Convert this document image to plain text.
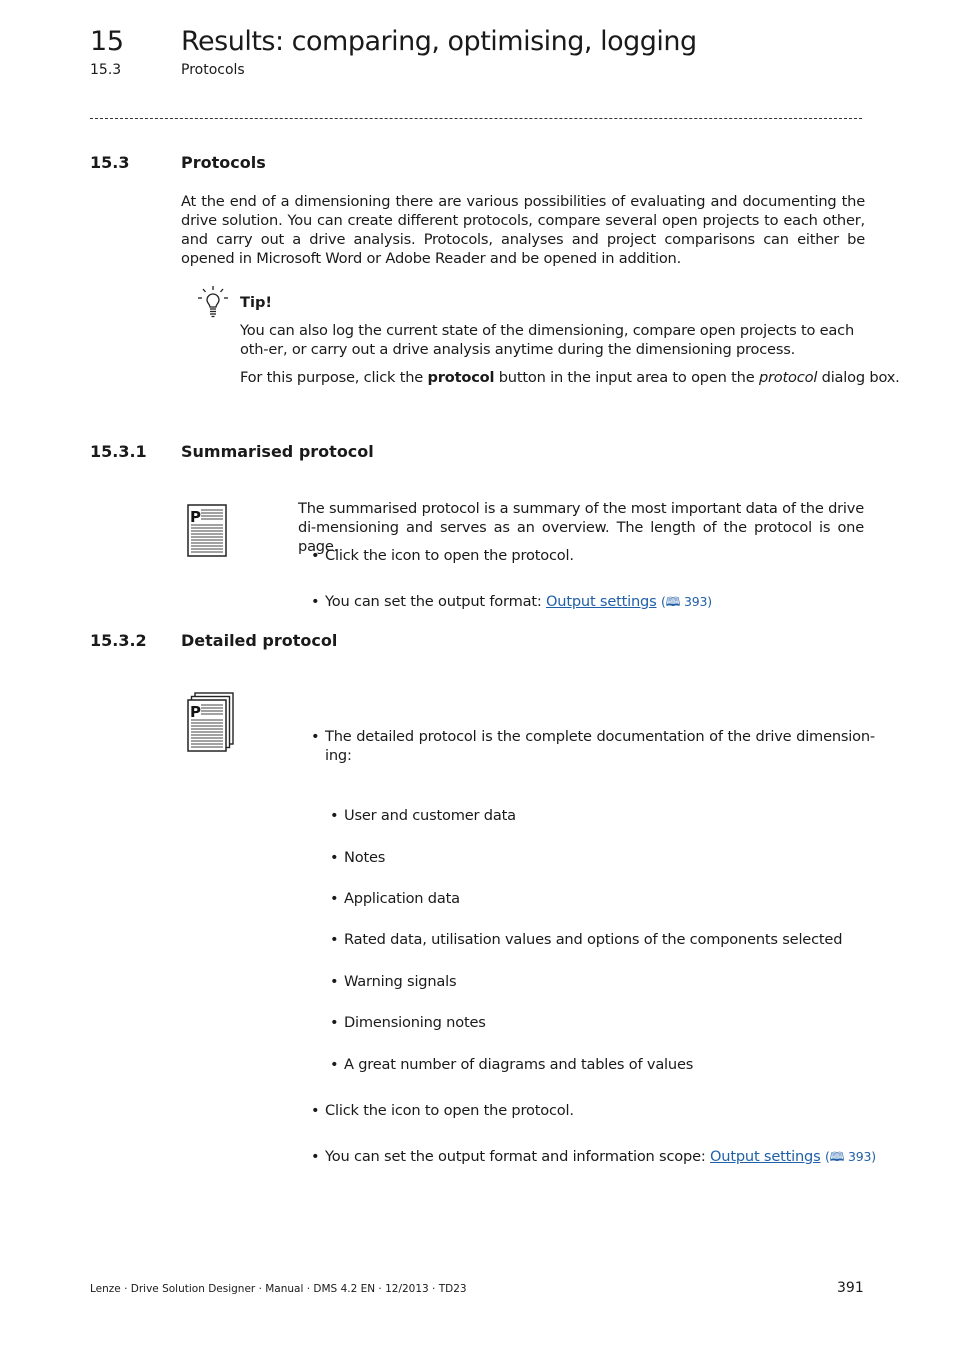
15 Results: comparing, optimising, logging
15.3	Protocols
15.3	Protocols
At the end of a dimensioning there are various possibilities of evaluating and documenting the drive solution. You can create different protocols, compare several open projects to each other, and carry out a drive analysis. Protocols, analyses and project comparisons can either be opened in Microsoft Word or Adobe Reader and be opened in addition.
Tip!
You can also log the current state of the dimensioning, compare open projects to each oth-er, or carry out a drive analysis anytime during the dimensioning process.
For this purpose, click the protocol button in the input area to open the protocol dialog box.
15.3.1 Summarised protocol
P	The summarised protocol is a summary of the most important data of the drive di-mensioning and serves as an overview. The length of the protocol is one page.
• Click the icon to open the protocol.
• You can set the output format: Output settings (🕮 393)
15.3.2 Detailed protocol
P
• The detailed protocol is the complete documentation of the drive dimension-ing:
• User and customer data
• Notes
• Application data
• Rated data, utilisation values and options of the components selected
• Warning signals
• Dimensioning notes
• A great number of diagrams and tables of values
• Click the icon to open the protocol.
• You can set the output format and information scope: Output settings (🕮 393)
Lenze · Drive Solution Designer · Manual · DMS 4.2 EN · 12/2013 · TD23	391
